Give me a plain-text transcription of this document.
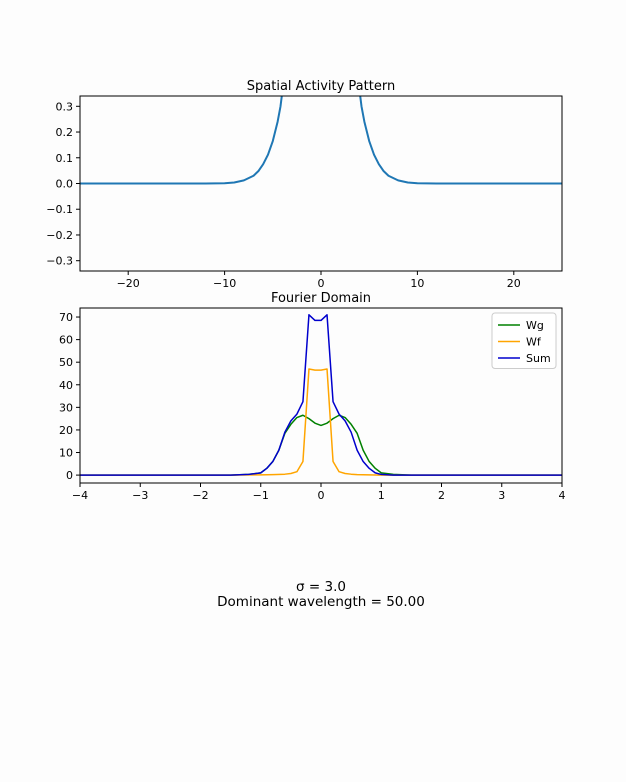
Spatial Activity Pattern
−20	−10	0	10	20
−0.3
−0.2
−0.1
0.0
0.1
0.2
0.3
Fourier Domain
−4	−3	−2	−1	0	1	2	3	4
0
10
20
30
40
50
60
70
Wg
Wf
Sum
σ = 3.0
Dominant wavelength = 50.00
